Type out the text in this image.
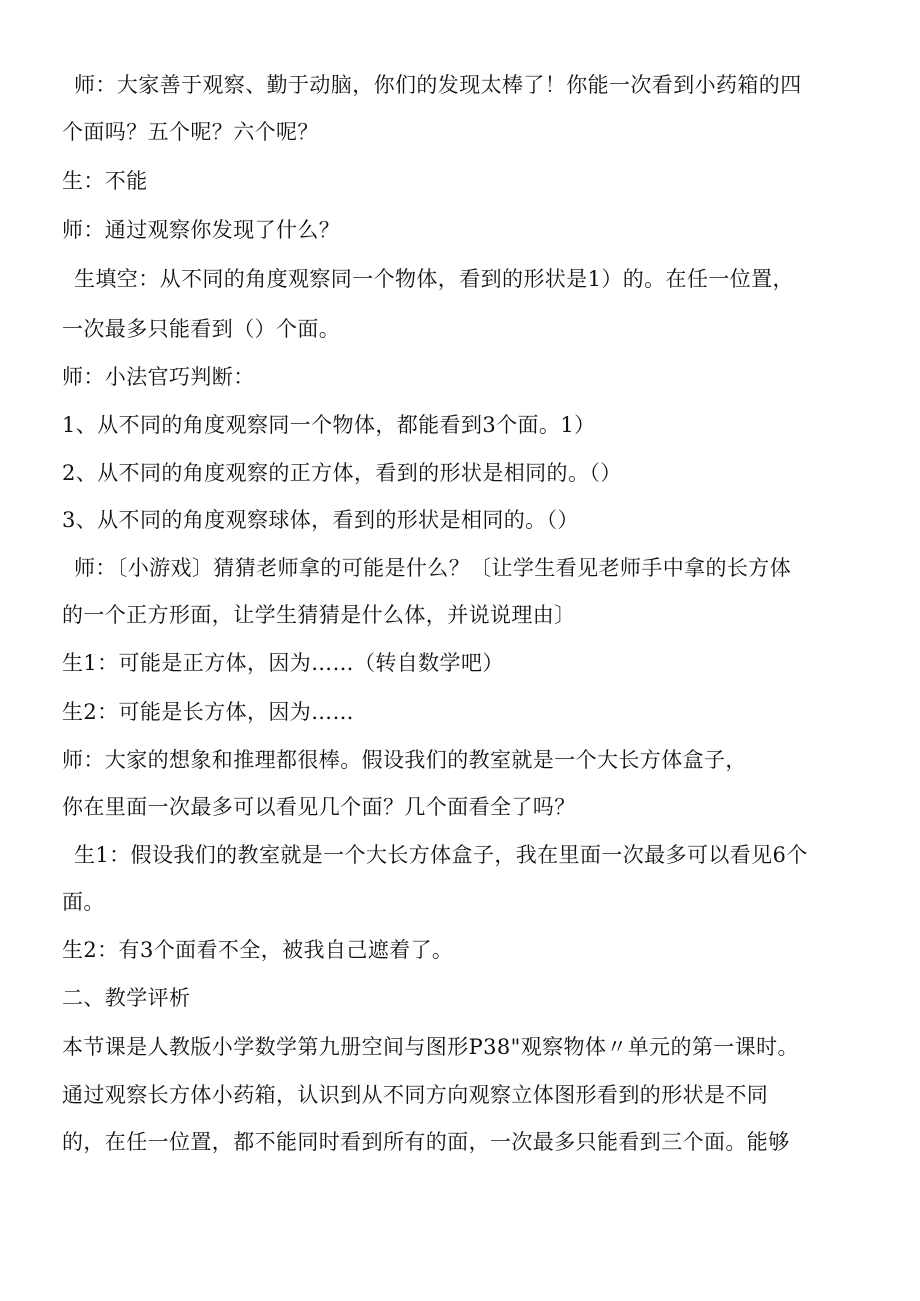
师：大家善于观察、勤于动脑，你们的发现太棒了！你能一次看到小药箱的四
个面吗？五个呢？六个呢？
生：不能
师：通过观察你发现了什么？
生填空：从不同的角度观察同一个物体，看到的形状是1）的。在任一位置，
一次最多只能看到（）个面。
师：小法官巧判断：
1、从不同的角度观察同一个物体，都能看到3个面。1）
2、从不同的角度观察的正方体，看到的形状是相同的。（）
3、从不同的角度观察球体，看到的形状是相同的。（）
师：〔小游戏〕猜猜老师拿的可能是什么？〔让学生看见老师手中拿的长方体
的一个正方形面，让学生猜猜是什么体，并说说理由〕
生1：可能是正方体，因为……（转自数学吧）
生2：可能是长方体，因为……
师：大家的想象和推理都很棒。假设我们的教室就是一个大长方体盒子，
你在里面一次最多可以看见几个面？几个面看全了吗？
生1：假设我们的教室就是一个大长方体盒子，我在里面一次最多可以看见6个
面。
生2：有3个面看不全，被我自己遮着了。
二、教学评析
本节课是人教版小学数学第九册空间与图形P38"观察物体〃单元的第一课时。
通过观察长方体小药箱，认识到从不同方向观察立体图形看到的形状是不同
的，在任一位置，都不能同时看到所有的面，一次最多只能看到三个面。能够
